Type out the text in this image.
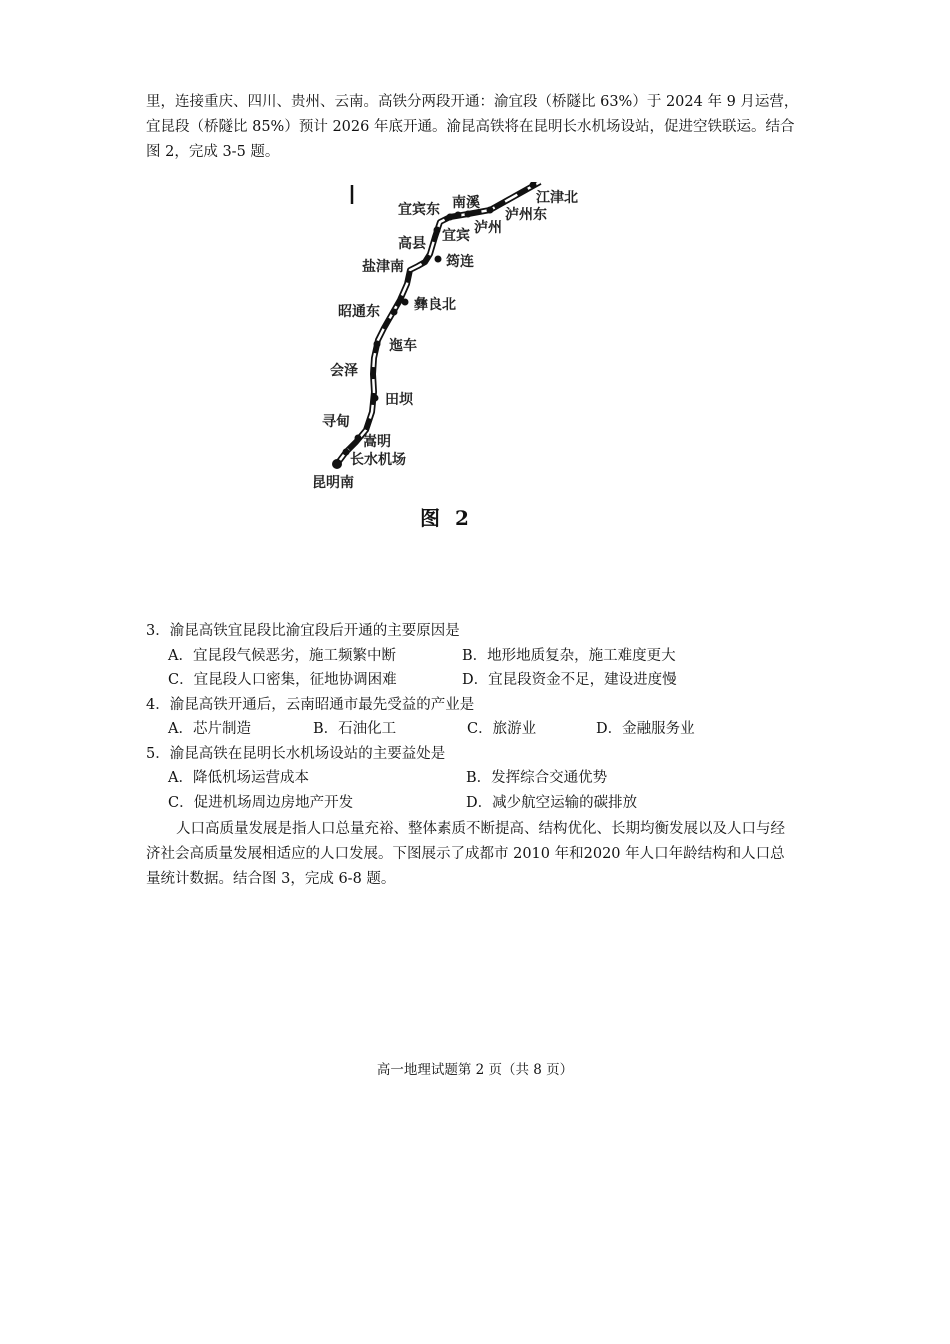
里，连接重庆、四川、贵州、云南。高铁分两段开通：渝宜段（桥隧比 63%）于 2024 年 9 月运营， 宜昆段（桥隧比 85%）预计 2026 年底开通。渝昆高铁将在昆明长水机场设站，促进空铁联运。结合 图 2，完成 3-5 题。

江津北
南溪
宜宾东	泸州东
泸州
宜宾
高县
盐津南	筠连
彝良北
昭通东
迤车
会泽
田坝
寻甸
嵩明
长水机场
昆明南
图 2
3．渝昆高铁宜昆段比渝宜段后开通的主要原因是
A．宜昆段气候恶劣，施工频繁中断	B．地形地质复杂，施工难度更大
C．宜昆段人口密集，征地协调困难	D．宜昆段资金不足，建设进度慢
4．渝昆高铁开通后，云南昭通市最先受益的产业是
A．芯片制造	B．石油化工	C．旅游业	D．金融服务业
5．渝昆高铁在昆明长水机场设站的主要益处是
A．降低机场运营成本	B．发挥综合交通优势
C．促进机场周边房地产开发	D．减少航空运输的碳排放

人口高质量发展是指人口总量充裕、整体素质不断提高、结构优化、长期均衡发展以及人口与经 济社会高质量发展相适应的人口发展。下图展示了成都市 2010 年和2020 年人口年龄结构和人口总 量统计数据。结合图 3，完成 6-8 题。

高一地理试题第 2 页（共 8 页）
